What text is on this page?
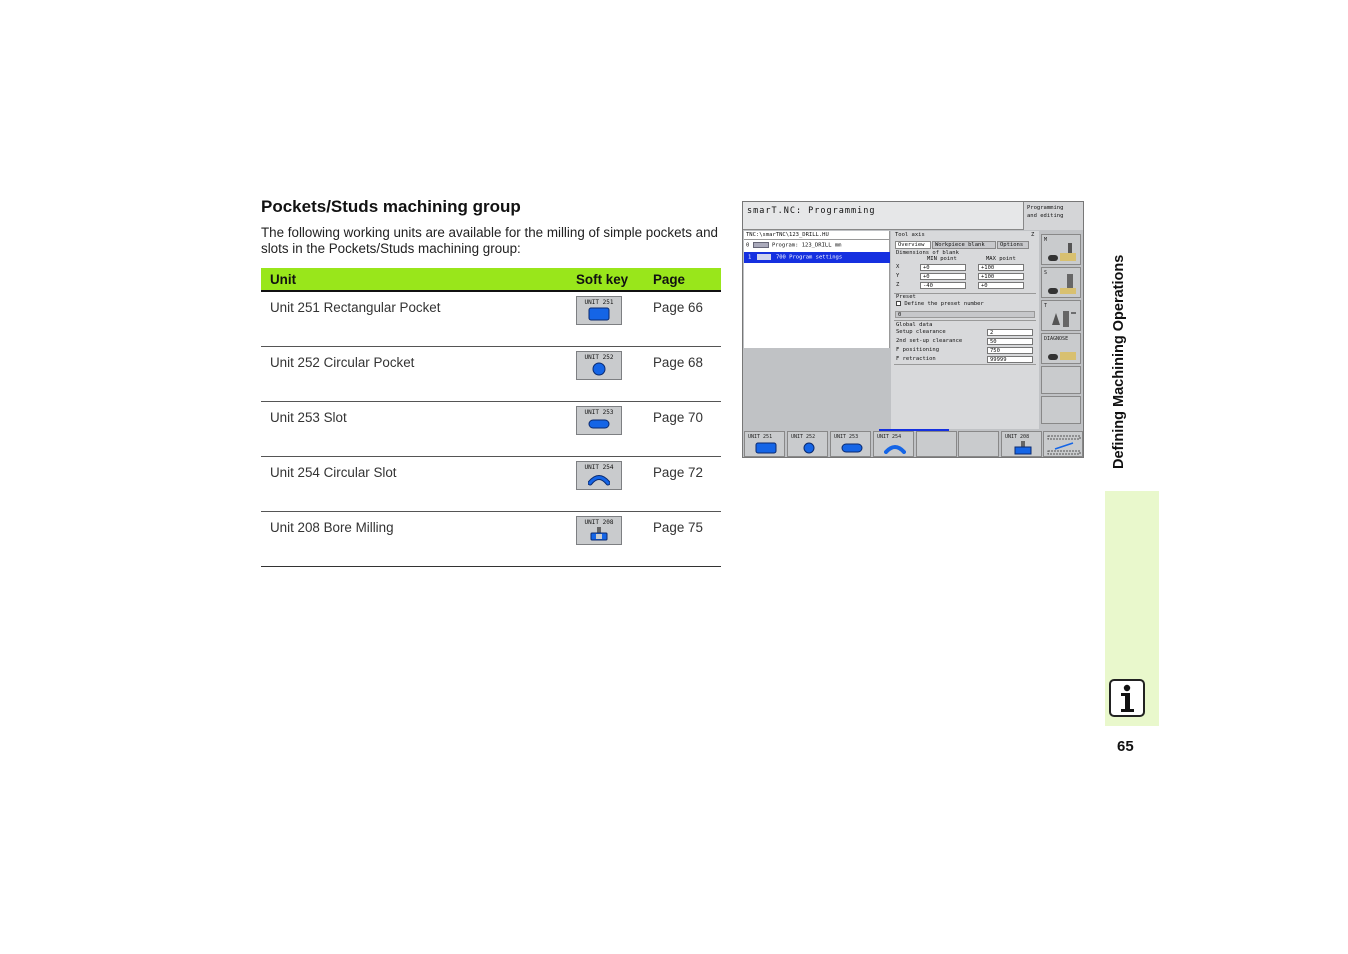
Pockets/Studs machining group
The following working units are available for the milling of simple pockets and slots in the Pockets/Studs machining group:
Unit	Soft key	Page
Unit 251 Rectangular Pocket	UNIT 251	Page 66
Unit 252 Circular Pocket	UNIT 252	Page 68
Unit 253 Slot	UNIT 253	Page 70
Unit 254 Circular Slot	UNIT 254	Page 72
Unit 208 Bore Milling	UNIT 208	Page 75
smarT.NC: Programming	Programming
and editing
TNC:\smarTNC\123_DRILL.HU
0	Program: 123_DRILL mm
1	700 Program settings
Tool axis	Z
Overview	Workpiece blank	Options
Dimensions of blank
MIN point	MAX point
X	+0	+100
Y	+0	+100
Z	-40	+0
Preset
Define the preset number
0
Global data
Setup clearance	2
2nd set-up clearance	50
F positioning	750
F retraction	99999
M
S
T
DIAGNOSE
UNIT 251	UNIT 252	UNIT 253	UNIT 254	UNIT 208	Defining Machining Operations
65
